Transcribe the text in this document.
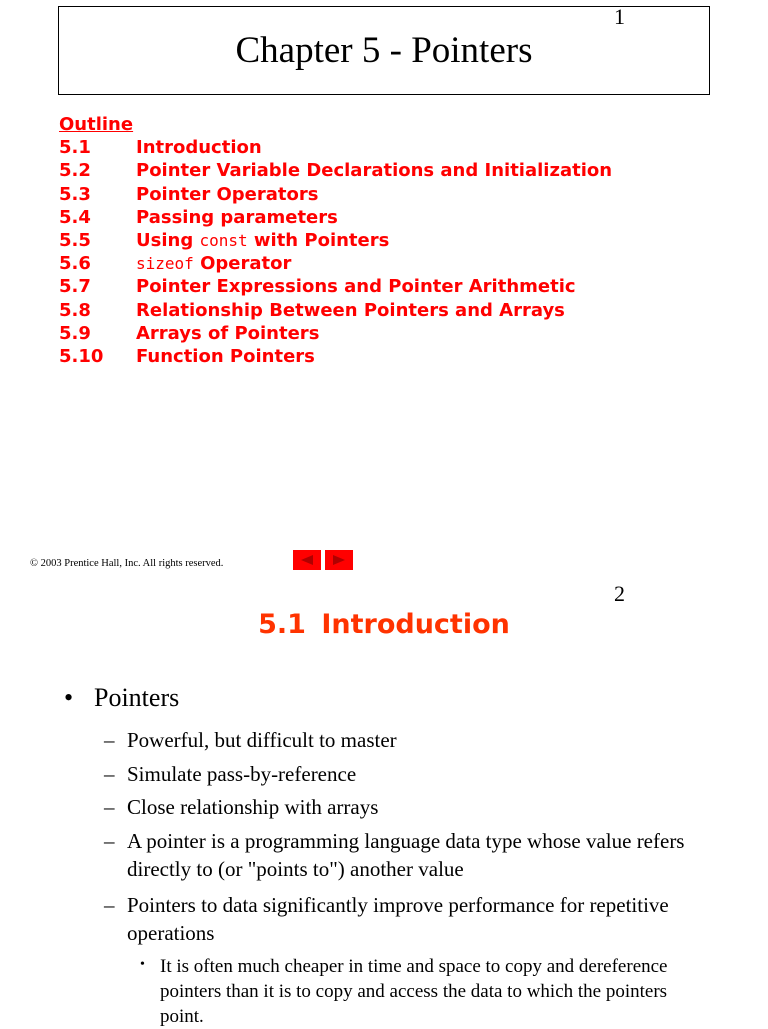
1
Chapter 5 - Pointers
Outline
5.1	Introduction
5.2	Pointer Variable Declarations and Initialization
5.3	Pointer Operators
5.4	Passing parameters
5.5	Using const with Pointers
5.6	sizeof Operator
5.7	Pointer Expressions and Pointer Arithmetic
5.8	Relationship Between Pointers and Arrays
5.9	Arrays of Pointers
5.10	Function Pointers
© 2003 Prentice Hall, Inc. All rights reserved.
2
5.1 Introduction
• Pointers
– Powerful, but difficult to master
– Simulate pass-by-reference
– Close relationship with arrays
– A pointer is a programming language data type whose value refers directly to (or "points to") another value
– Pointers to data significantly improve performance for repetitive operations
• It is often much cheaper in time and space to copy and dereference pointers than it is to copy and access the data to which the pointers point.
